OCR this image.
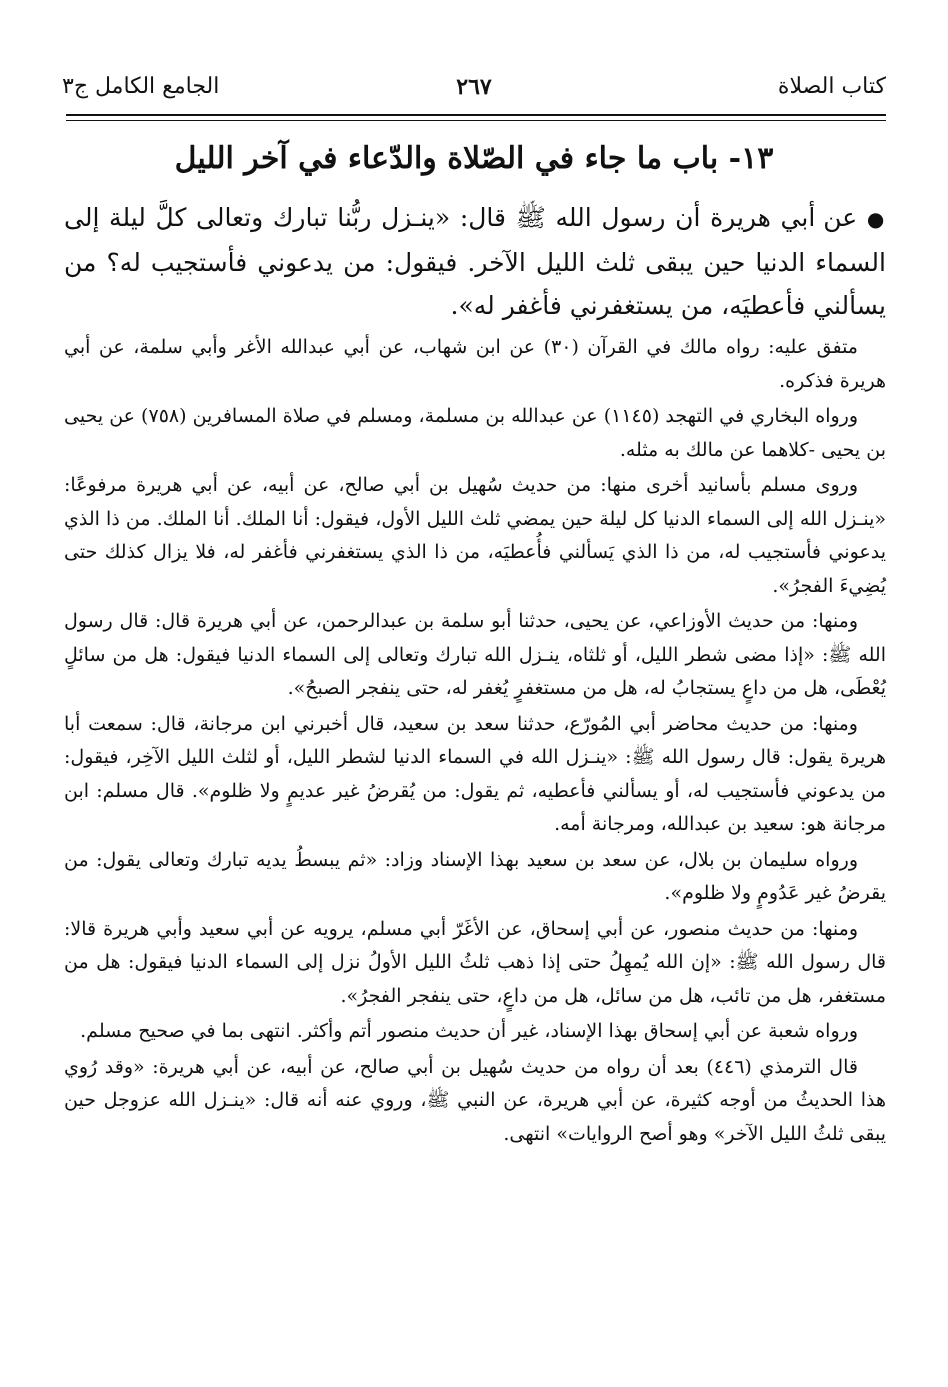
كتاب الصلاة
٢٦٧
الجامع الكامل ج٣
١٣- باب ما جاء في الصّلاة والدّعاء في آخر الليل

● عن أبي هريرة أن رسول الله ﷺ قال: «ينـزل ربُّنا تبارك وتعالى كلَّ ليلة إلى السماء الدنيا حين يبقى ثلث الليل الآخر. فيقول: من يدعوني فأستجيب له؟ من يسألني فأعطيَه، من يستغفرني فأغفر له».

متفق عليه: رواه مالك في القرآن (٣٠) عن ابن شهاب، عن أبي عبدالله الأغر وأبي سلمة، عن أبي هريرة فذكره.

ورواه البخاري في التهجد (١١٤٥) عن عبدالله بن مسلمة، ومسلم في صلاة المسافرين (٧٥٨) عن يحيى بن يحيى -كلاهما عن مالك به مثله.

وروى مسلم بأسانيد أخرى منها: من حديث سُهيل بن أبي صالح، عن أبيه، عن أبي هريرة مرفوعًا: «ينـزل الله إلى السماء الدنيا كل ليلة حين يمضي ثلث الليل الأول، فيقول: أنا الملك. أنا الملك. من ذا الذي يدعوني فأستجيب له، من ذا الذي يَسألني فأُعطيَه، من ذا الذي يستغفرني فأغفر له، فلا يزال كذلك حتى يُضِيءَ الفجرُ».

ومنها: من حديث الأوزاعي، عن يحيى، حدثنا أبو سلمة بن عبدالرحمن، عن أبي هريرة قال: قال رسول الله ﷺ: «إذا مضى شطر الليل، أو ثلثاه، ينـزل الله تبارك وتعالى إلى السماء الدنيا فيقول: هل من سائلٍ يُعْطَى، هل من داعٍ يستجابُ له، هل من مستغفرٍ يُغفر له، حتى ينفجر الصبحُ».

ومنها: من حديث محاضر أبي المُورّع، حدثنا سعد بن سعيد، قال أخبرني ابن مرجانة، قال: سمعت أبا هريرة يقول: قال رسول الله ﷺ: «ينـزل الله في السماء الدنيا لشطر الليل، أو لثلث الليل الآخِر، فيقول: من يدعوني فأستجيب له، أو يسألني فأعطيه، ثم يقول: من يُقرضُ غير عديمٍ ولا ظلوم». قال مسلم: ابن مرجانة هو: سعيد بن عبدالله، ومرجانة أمه.

ورواه سليمان بن بلال، عن سعد بن سعيد بهذا الإسناد وزاد: «ثم يبسطُ يديه تبارك وتعالى يقول: من يقرضُ غير عَدُومٍ ولا ظلوم».

ومنها: من حديث منصور، عن أبي إسحاق، عن الأغَرّ أبي مسلم، يرويه عن أبي سعيد وأبي هريرة قالا: قال رسول الله ﷺ: «إن الله يُمهِلُ حتى إذا ذهب ثلثُ الليل الأولُ نزل إلى السماء الدنيا فيقول: هل من مستغفر، هل من تائب، هل من سائل، هل من داعٍ، حتى ينفجر الفجرُ».

ورواه شعبة عن أبي إسحاق بهذا الإسناد، غير أن حديث منصور أتم وأكثر. انتهى بما في صحيح مسلم.

قال الترمذي (٤٤٦) بعد أن رواه من حديث سُهيل بن أبي صالح، عن أبيه، عن أبي هريرة: «وقد رُوي هذا الحديثُ من أوجه كثيرة، عن أبي هريرة، عن النبي ﷺ، وروي عنه أنه قال: «ينـزل الله عزوجل حين يبقى ثلثُ الليل الآخر» وهو أصح الروايات» انتهى.
